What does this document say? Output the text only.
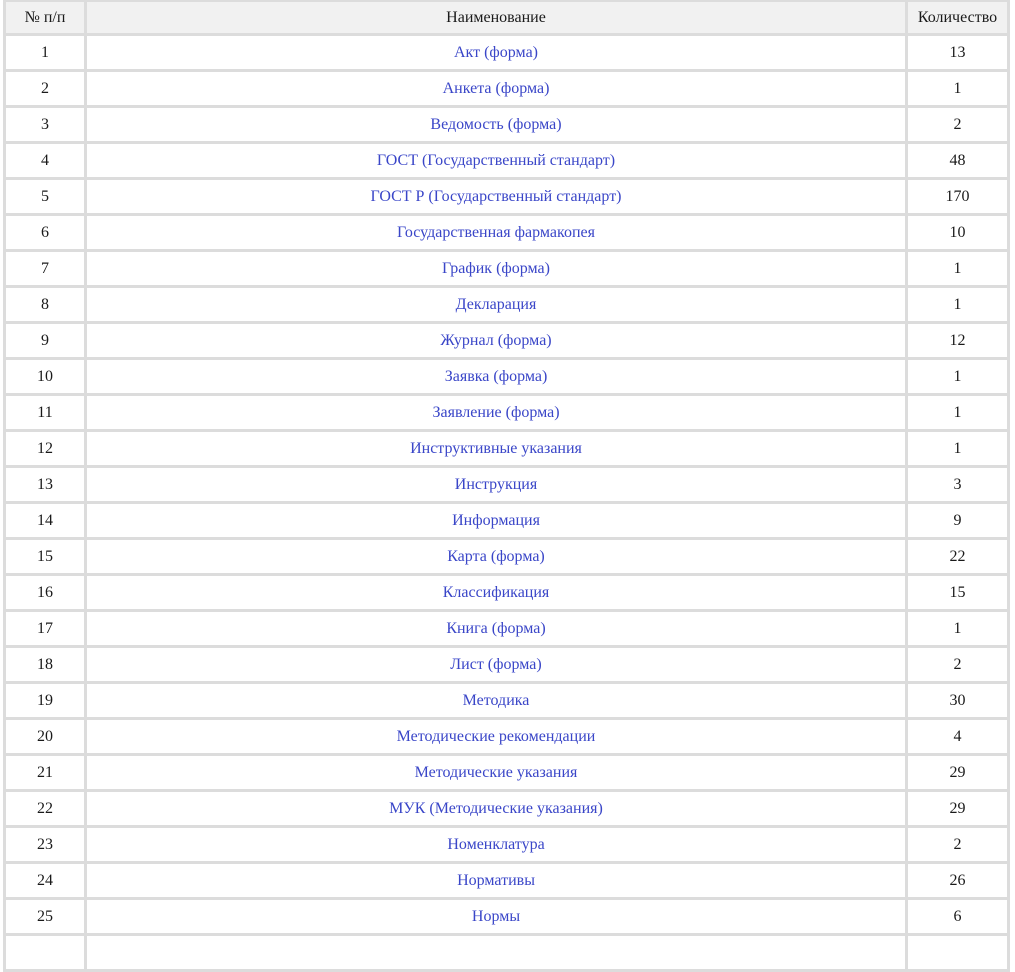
№ п/п	Наименование	Количество
1	Акт (форма)	13
2	Анкета (форма)	1
3	Ведомость (форма)	2
4	ГОСТ (Государственный стандарт)	48
5	ГОСТ Р (Государственный стандарт)	170
6	Государственная фармакопея	10
7	График (форма)	1
8	Декларация	1
9	Журнал (форма)	12
10	Заявка (форма)	1
11	Заявление (форма)	1
12	Инструктивные указания	1
13	Инструкция	3
14	Информация	9
15	Карта (форма)	22
16	Классификация	15
17	Книга (форма)	1
18	Лист (форма)	2
19	Методика	30
20	Методические рекомендации	4
21	Методические указания	29
22	МУК (Методические указания)	29
23	Номенклатура	2
24	Нормативы	26
25	Нормы	6
